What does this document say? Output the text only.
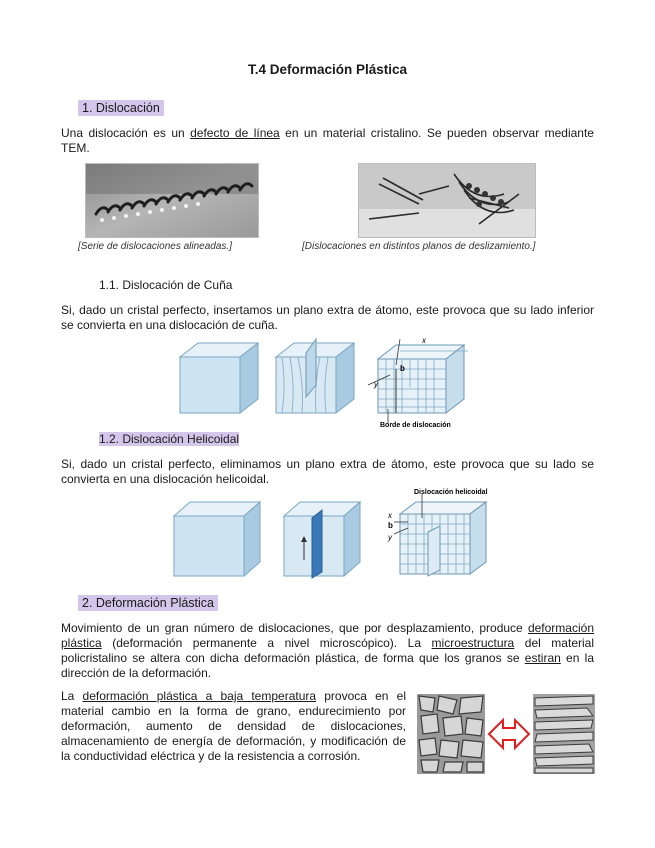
T.4 Deformación Plástica
1. Dislocación
Una dislocación es un defecto de línea en un material cristalino. Se pueden observar mediante TEM.
[Serie de dislocaciones alineadas.]	[Dislocaciones en distintos planos de deslizamiento.]
1.1. Dislocación de Cuña
Si, dado un cristal perfecto, insertamos un plano extra de átomo, este provoca que su lado inferior se convierta en una dislocación de cuña.
x
y
b
Borde de dislocación
1.2. Dislocación Helicoidal
Si, dado un cristal perfecto, eliminamos un plano extra de átomo, este provoca que su lado se convierta en una dislocación helicoidal.
Dislocación helicoidal
x
b
y
2. Deformación Plástica
Movimiento de un gran número de dislocaciones, que por desplazamiento, produce deformación plástica (deformación permanente a nivel microscópico). La microestructura del material policristalino se altera con dicha deformación plástica, de forma que los granos se estiran en la dirección de la deformación.
La deformación plástica a baja temperatura provoca en el material cambio en la forma de grano, endurecimiento por deformación, aumento de densidad de dislocaciones, almacenamiento de energía de deformación, y modificación de la conductividad eléctrica y de la resistencia a corrosión.
